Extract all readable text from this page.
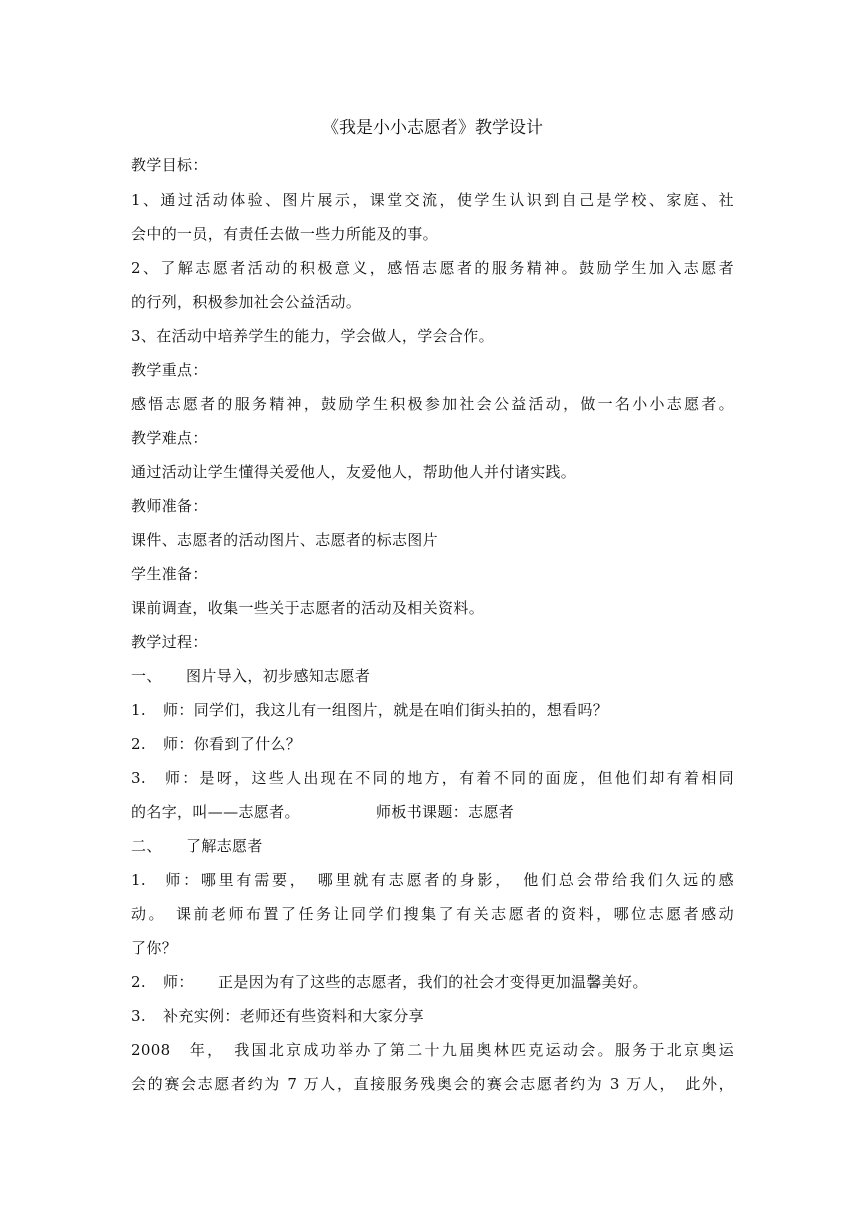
《我是小小志愿者》教学设计
教学目标：
1、通过活动体验、图片展示，课堂交流，使学生认识到自己是学校、家庭、社
会中的一员，有责任去做一些力所能及的事。
2、了解志愿者活动的积极意义，感悟志愿者的服务精神。鼓励学生加入志愿者
的行列，积极参加社会公益活动。
3、在活动中培养学生的能力，学会做人，学会合作。
教学重点：
感悟志愿者的服务精神，鼓励学生积极参加社会公益活动，做一名小小志愿者。
教学难点：
通过活动让学生懂得关爱他人，友爱他人，帮助他人并付诸实践。
教师准备：
课件、志愿者的活动图片、志愿者的标志图片
学生准备：
课前调查，收集一些关于志愿者的活动及相关资料。
教学过程：
一、 图片导入，初步感知志愿者
1. 师：同学们，我这儿有一组图片，就是在咱们街头拍的，想看吗？
2. 师：你看到了什么？
3. 师：是呀，这些人出现在不同的地方，有着不同的面庞，但他们却有着相同
的名字，叫——志愿者。	师板书课题：志愿者
二、 了解志愿者
1. 师：哪里有需要，　哪里就有志愿者的身影，　他们总会带给我们久远的感
动。　课前老师布置了任务让同学们搜集了有关志愿者的资料，哪位志愿者感动
了你？
2. 师： 正是因为有了这些的志愿者，我们的社会才变得更加温馨美好。
3. 补充实例：老师还有些资料和大家分享
2008　年，　我国北京成功举办了第二十九届奥林匹克运动会。服务于北京奥运
会的赛会志愿者约为 7 万人，直接服务残奥会的赛会志愿者约为 3 万人，　此外，
